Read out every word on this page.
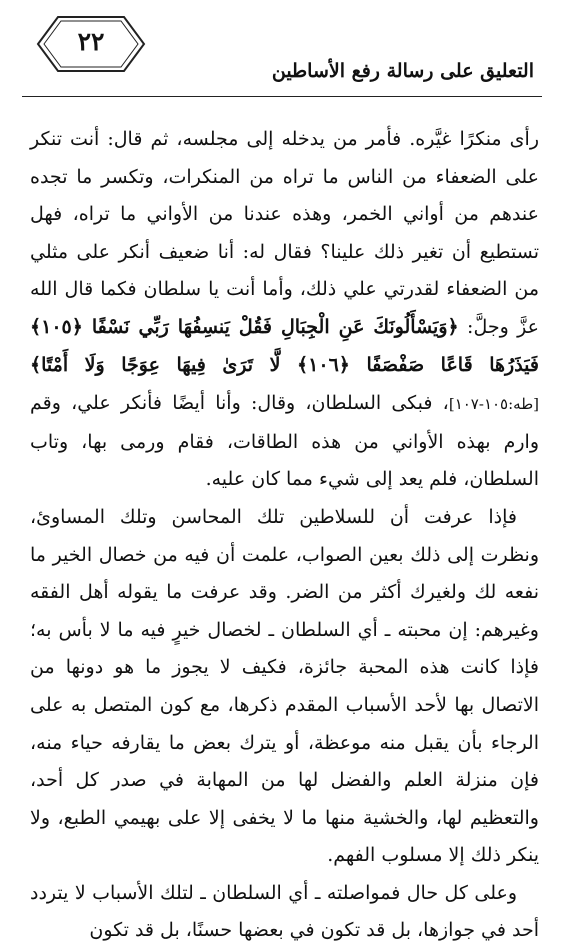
التعليق على رسالة رفع الأساطين
٢٢

رأى منكرًا غيَّره. فأمر من يدخله إلى مجلسه، ثم قال: أنت تنكر على الضعفاء من الناس ما تراه من المنكرات، وتكسر ما تجده عندهم من أواني الخمر، وهذه عندنا من الأواني ما تراه، فهل تستطيع أن تغير ذلك علينا؟ فقال له: أنا ضعيف أنكر على مثلي من الضعفاء لقدرتي علي ذلك، وأما أنت يا سلطان فكما قال الله عزَّ وجلَّ: ﴿وَيَسْأَلُونَكَ عَنِ الْجِبَالِ فَقُلْ يَنسِفُهَا رَبِّي نَسْفًا ﴿١٠٥﴾ فَيَذَرُهَا قَاعًا صَفْصَفًا ﴿١٠٦﴾ لَّا تَرَىٰ فِيهَا عِوَجًا وَلَا أَمْتًا﴾ [طه:١٠٥-١٠٧]، فبكى السلطان، وقال: وأنا أيضًا فأنكر علي، وقم وارم بهذه الأواني من هذه الطاقات، فقام ورمى بها، وتاب السلطان، فلم يعد إلى شيء مما كان عليه.

فإذا عرفت أن للسلاطين تلك المحاسن وتلك المساوئ، ونظرت إلى ذلك بعين الصواب، علمت أن فيه من خصال الخير ما نفعه لك ولغيرك أكثر من الضر. وقد عرفت ما يقوله أهل الفقه وغيرهم: إن محبته ـ أي السلطان ـ لخصال خيرٍ فيه ما لا بأس به؛ فإذا كانت هذه المحبة جائزة، فكيف لا يجوز ما هو دونها من الاتصال بها لأحد الأسباب المقدم ذكرها، مع كون المتصل به على الرجاء بأن يقبل منه موعظة، أو يترك بعض ما يقارفه حياء منه، فإن منزلة العلم والفضل لها من المهابة في صدر كل أحد، والتعظيم لها، والخشية منها ما لا يخفى إلا على بهيمي الطبع، ولا ينكر ذلك إلا مسلوب الفهم.

وعلى كل حال فمواصلته ـ أي السلطان ـ لتلك الأسباب لا يتردد أحد في جوازها، بل قد تكون في بعضها حسنًا، بل قد تكون
